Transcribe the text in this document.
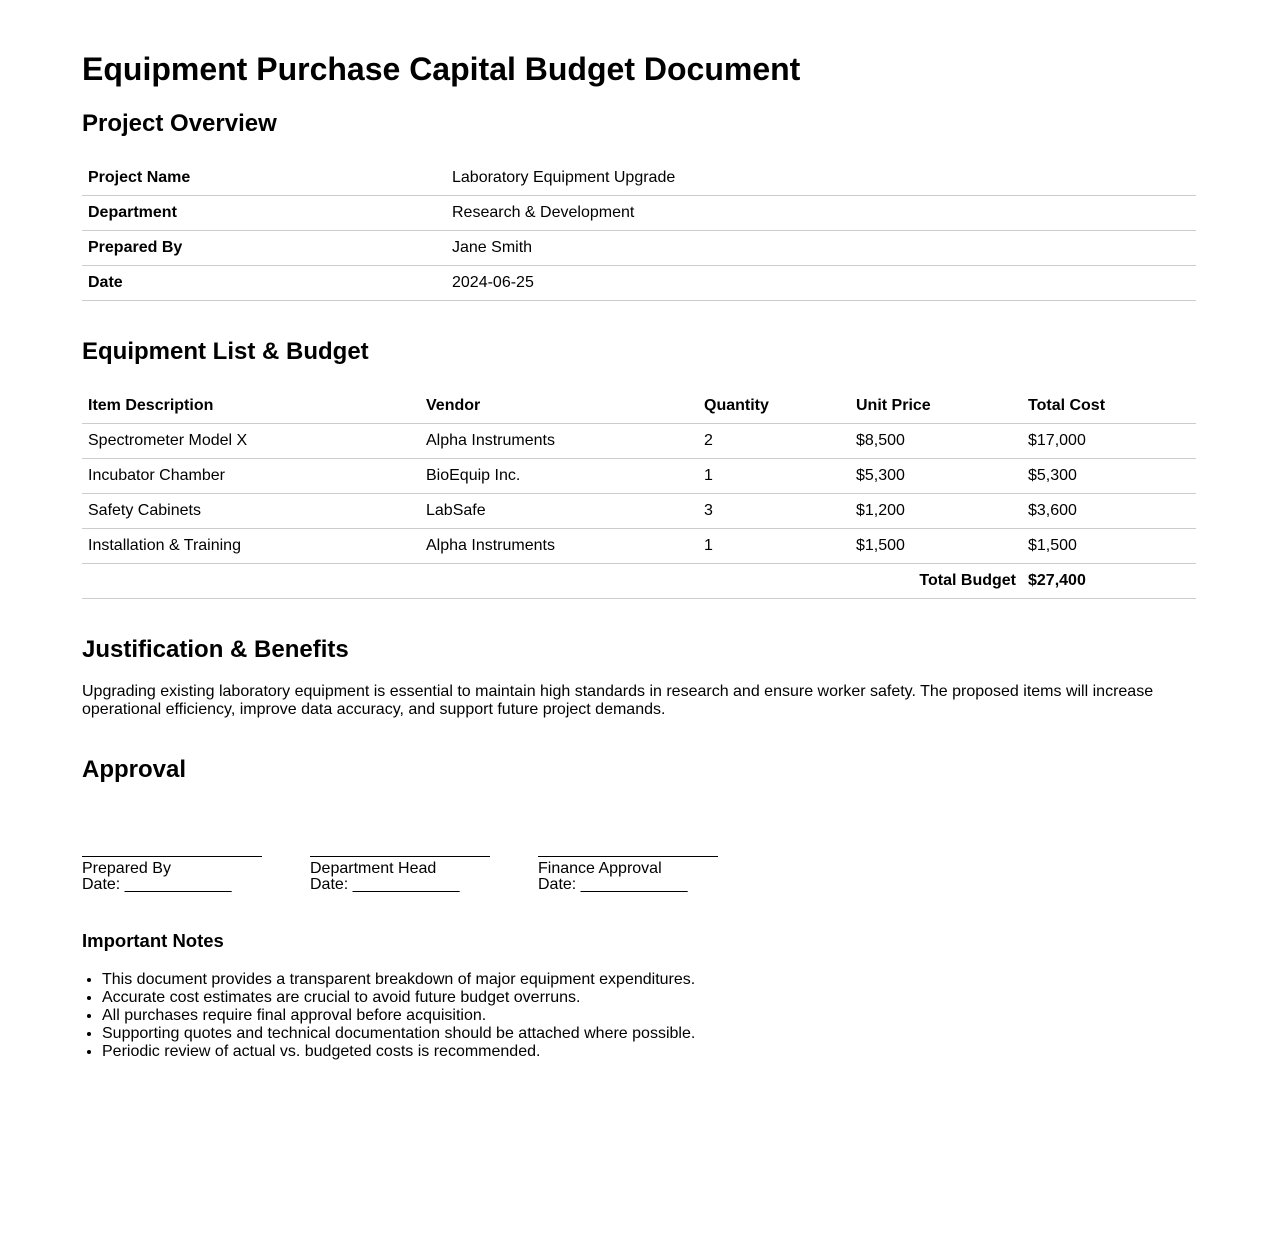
Equipment Purchase Capital Budget Document
Project Overview
Project Name	Laboratory Equipment Upgrade
Department	Research & Development
Prepared By	Jane Smith
Date	2024-06-25
Equipment List & Budget
Item Description	Vendor	Quantity	Unit Price	Total Cost
Spectrometer Model X	Alpha Instruments	2	$8,500	$17,000
Incubator Chamber	BioEquip Inc.	1	$5,300	$5,300
Safety Cabinets	LabSafe	3	$1,200	$3,600
Installation & Training	Alpha Instruments	1	$1,500	$1,500
Total Budget				$27,400
Justification & Benefits

Upgrading existing laboratory equipment is essential to maintain high standards in research and ensure worker safety. The proposed items will increase operational efficiency, improve data accuracy, and support future project demands.

Approval
Prepared By
Date: ____________
Department Head
Date: ____________
Finance Approval
Date: ____________
Important Notes
• This document provides a transparent breakdown of major equipment expenditures.
• Accurate cost estimates are crucial to avoid future budget overruns.
• All purchases require final approval before acquisition.
• Supporting quotes and technical documentation should be attached where possible.
• Periodic review of actual vs. budgeted costs is recommended.
